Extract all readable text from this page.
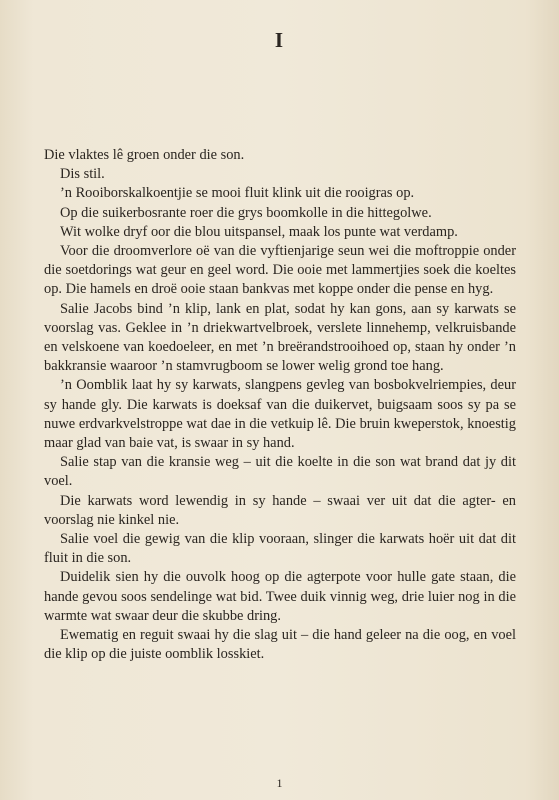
I

Die vlaktes lê groen onder die son.

Dis stil.

’n Rooiborskalkoentjie se mooi fluit klink uit die rooigras op.

Op die suikerbosrante roer die grys boomkolle in die hittegolwe.

Wit wolke dryf oor die blou uitspansel, maak los punte wat verdamp.

Voor die droomverlore oë van die vyftienjarige seun wei die moftroppie onder die soetdorings wat geur en geel word. Die ooie met lammertjies soek die koeltes op. Die hamels en droë ooie staan bankvas met koppe onder die pense en hyg.

Salie Jacobs bind ’n klip, lank en plat, sodat hy kan gons, aan sy karwats se voorslag vas. Geklee in ’n driekwartvelbroek, verslete linnehemp, velkruisbande en velskoene van koedoeleer, en met ’n breërandstrooihoed op, staan hy onder ’n bakkransie waaroor ’n stamvrugboom se lower welig grond toe hang.

’n Oomblik laat hy sy karwats, slangpens gevleg van bosbokvelriempies, deur sy hande gly. Die karwats is doeksaf van die duikervet, buigsaam soos sy pa se nuwe erdvarkvelstroppe wat dae in die vetkuip lê. Die bruin kweperstok, knoestig maar glad van baie vat, is swaar in sy hand.

Salie stap van die kransie weg – uit die koelte in die son wat brand dat jy dit voel.

Die karwats word lewendig in sy hande – swaai ver uit dat die agter- en voorslag nie kinkel nie.

Salie voel die gewig van die klip vooraan, slinger die karwats hoër uit dat dit fluit in die son.

Duidelik sien hy die ouvolk hoog op die agterpote voor hulle gate staan, die hande gevou soos sendelinge wat bid. Twee duik vinnig weg, drie luier nog in die warmte wat swaar deur die skubbe dring.

Ewematig en reguit swaai hy die slag uit – die hand geleer na die oog, en voel die klip op die juiste oomblik losskiet.

1
